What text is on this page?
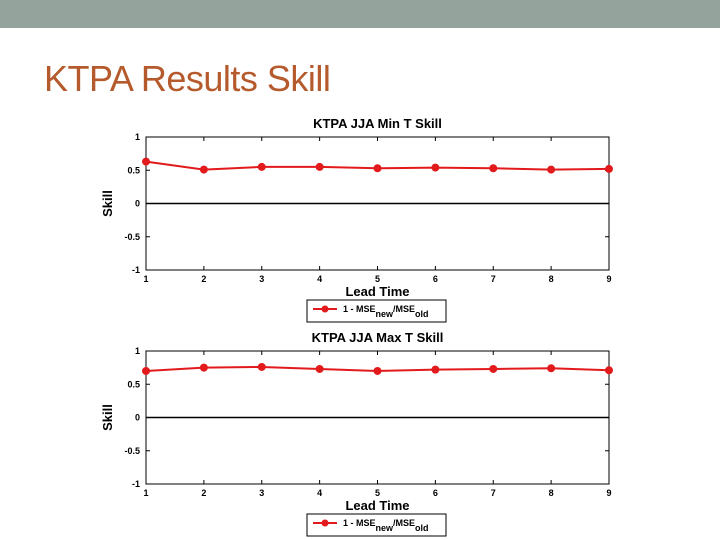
KTPA Results Skill
KTPA JJA Min T Skill
1
0.5
0
-0.5
-1
1	2	3	4	5	6	7	8	9
Lead Time
Skill
1 - MSEnew/MSEold
KTPA JJA Max T Skill
1
0.5
0
-0.5
-1
1	2	3	4	5	6	7	8	9
Lead Time
Skill
1 - MSEnew/MSEold
